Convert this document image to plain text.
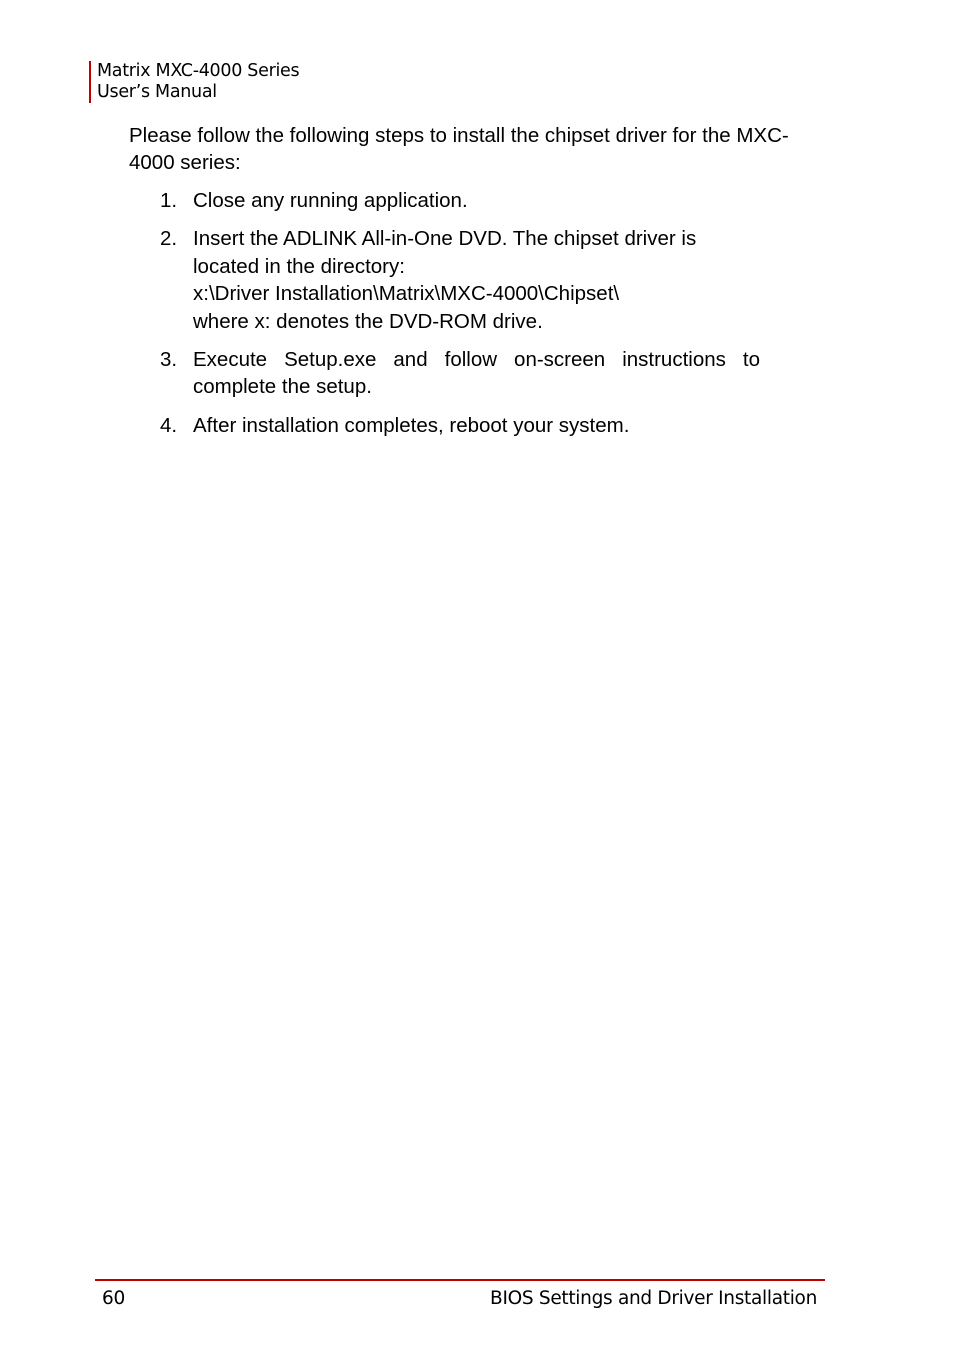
Matrix MXC-4000 Series
User’s Manual
Please follow the following steps to install the chipset driver for the MXC-4000 series:
1. Close any running application.
2. Insert the ADLINK All-in-One DVD. The chipset driver is
located in the directory:
x:\Driver Installation\Matrix\MXC-4000\Chipset\
where x: denotes the DVD-ROM drive.
3. Execute Setup.exe and follow on-screen instructions to complete the setup.
4. After installation completes, reboot your system.
60	BIOS Settings and Driver Installation
